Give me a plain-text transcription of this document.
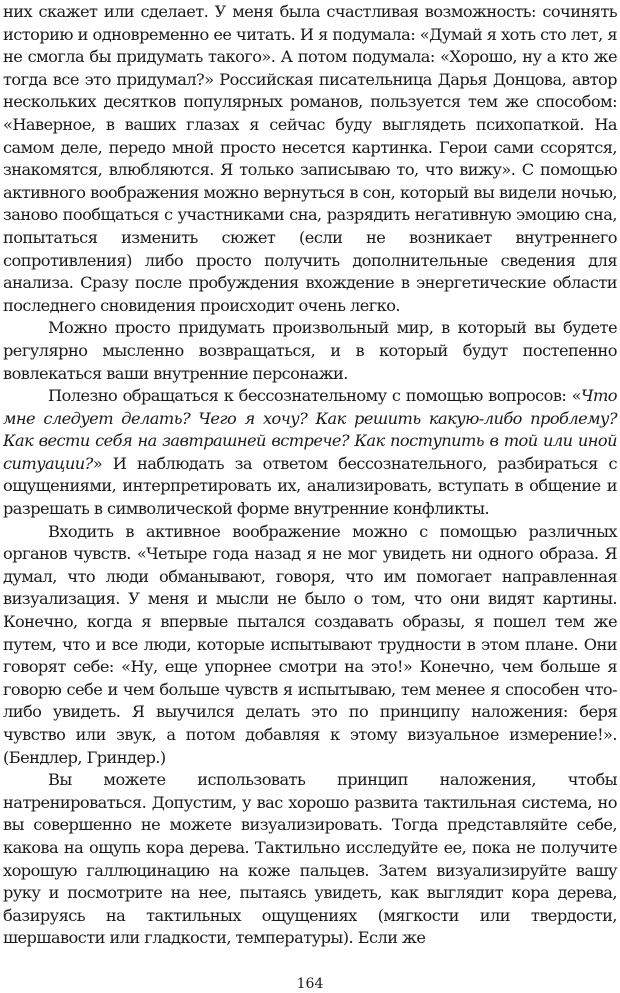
них скажет или сделает. У меня была счастливая возможность: сочинять историю и одновременно ее читать. И я подумала: «Думай я хоть сто лет, я не смогла бы придумать такого». А потом подумала: «Хорошо, ну а кто же тогда все это придумал?» Российская писательница Дарья Донцова, автор нескольких десятков популярных романов, пользуется тем же способом: «Наверное, в ваших глазах я сейчас буду выглядеть психопаткой. На самом деле, передо мной просто несется картинка. Герои сами ссорятся, знакомятся, влюбляются. Я только записываю то, что вижу». С помощью активного воображения можно вернуться в сон, который вы видели ночью, заново пообщаться с участниками сна, разрядить негативную эмоцию сна, попытаться изменить сюжет (если не возникает внутреннего сопротивления) либо просто получить дополнительные сведения для анализа. Сразу после пробуждения вхождение в энергетические области последнего сновидения происходит очень легко.

Можно просто придумать произвольный мир, в который вы будете регулярно мысленно возвращаться, и в который будут постепенно вовлекаться ваши внутренние персонажи.

Полезно обращаться к бессознательному с помощью вопросов: «Что мне следует делать? Чего я хочу? Как решить какую-либо проблему? Как вести себя на завтрашней встрече? Как поступить в той или иной ситуации?» И наблюдать за ответом бессознательного, разбираться с ощущениями, интерпретировать их, анализировать, вступать в общение и разрешать в символической форме внутренние конфликты.

Входить в активное воображение можно с помощью различных органов чувств. «Четыре года назад я не мог увидеть ни одного образа. Я думал, что люди обманывают, говоря, что им помогает направленная визуализация. У меня и мысли не было о том, что они видят картины. Конечно, когда я впервые пытался создавать образы, я пошел тем же путем, что и все люди, которые испытывают трудности в этом плане. Они говорят себе: «Ну, еще упорнее смотри на это!» Конечно, чем больше я говорю себе и чем больше чувств я испытываю, тем менее я способен что-либо увидеть. Я выучился делать это по принципу наложения: беря чувство или звук, а потом добавляя к этому визуальное измерение!». (Бендлер, Гриндер.)

Вы можете использовать принцип наложения, чтобы натренироваться. Допустим, у вас хорошо развита тактильная система, но вы совершенно не можете визуализировать. Тогда представляйте себе, какова на ощупь кора дерева. Тактильно исследуйте ее, пока не получите хорошую галлюцинацию на коже пальцев. Затем визуализируйте вашу руку и посмотрите на нее, пытаясь увидеть, как выглядит кора дерева, базируясь на тактильных ощущениях (мягкости или твердости, шершавости или гладкости, температуры). Если же

164
